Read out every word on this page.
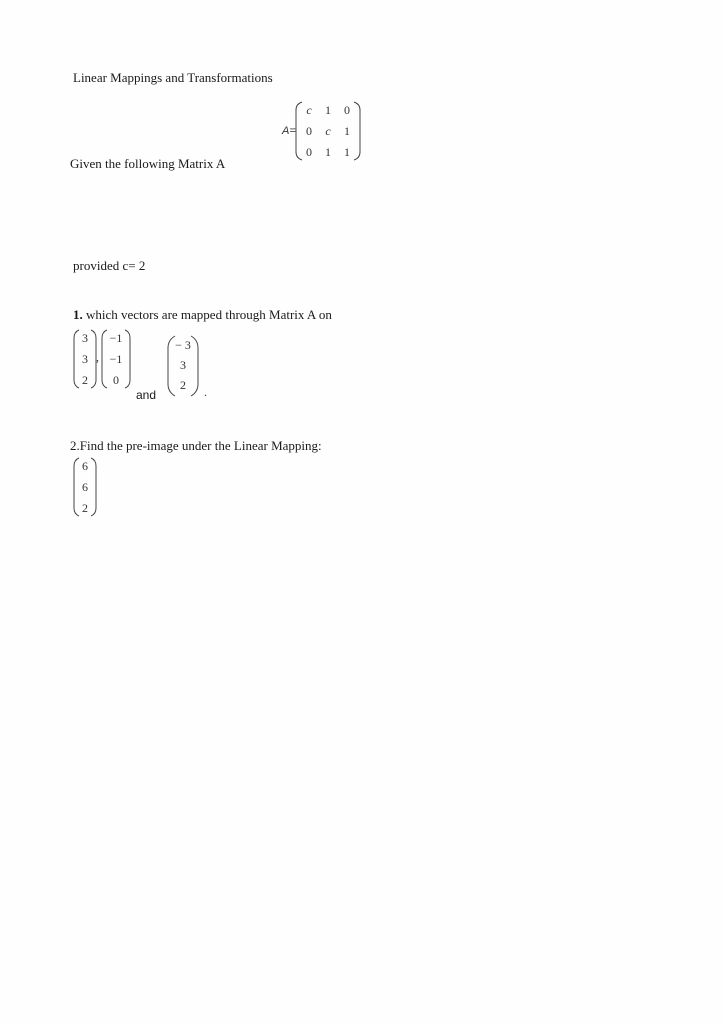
Linear Mappings and Transformations
A=
c	1	0
0	c	1
0	1	1
Given the following Matrix A
provided c= 2
1. which vectors are mapped through Matrix A on
3
3
2
,
−1
−1
0
and
− 3
3
2	.
2.Find the pre-image under the Linear Mapping:
6
6
2
